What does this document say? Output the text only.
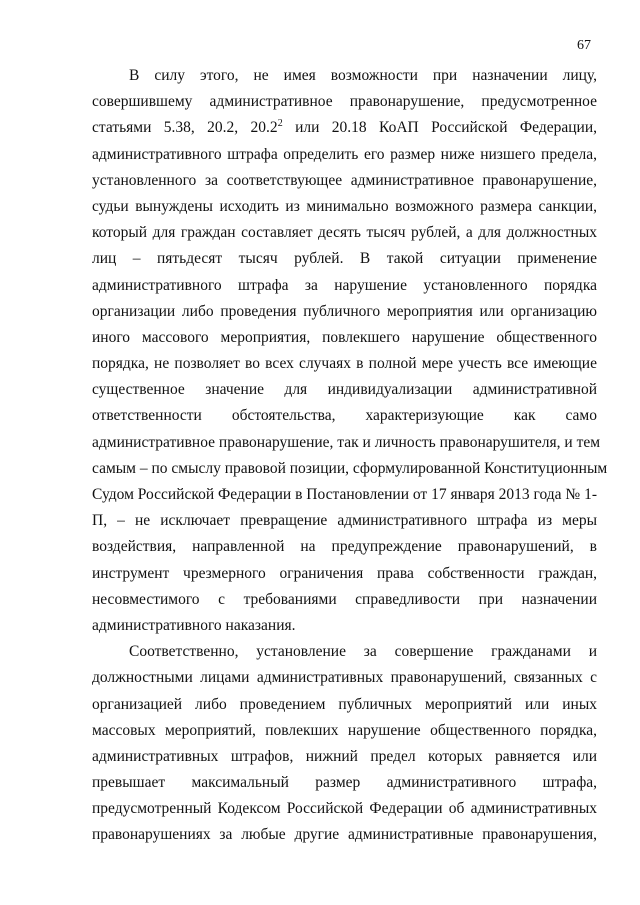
67
В силу этого, не имея возможности при назначении лицу,
совершившему административное правонарушение, предусмотренное
статьями 5.38, 20.2, 20.2$^2$ или 20.18 КоАП Российской Федерации,
административного штрафа определить его размер ниже низшего предела,
установленного за соответствующее административное правонарушение,
судьи вынуждены исходить из минимально возможного размера санкции,
который для граждан составляет десять тысяч рублей, а для должностных
лиц – пятьдесят тысяч рублей. В такой ситуации применение
административного штрафа за нарушение установленного порядка
организации либо проведения публичного мероприятия или организацию
иного массового мероприятия, повлекшего нарушение общественного
порядка, не позволяет во всех случаях в полной мере учесть все имеющие
существенное значение для индивидуализации административной
ответственности обстоятельства, характеризующие как само
административное правонарушение, так и личность правонарушителя, и тем
самым – по смыслу правовой позиции, сформулированной Конституционным
Судом Российской Федерации в Постановлении от 17 января 2013 года № 1-
П, – не исключает превращение административного штрафа из меры
воздействия, направленной на предупреждение правонарушений, в
инструмент чрезмерного ограничения права собственности граждан,
несовместимого с требованиями справедливости при назначении
административного наказания.
Соответственно, установление за совершение гражданами и
должностными лицами административных правонарушений, связанных с
организацией либо проведением публичных мероприятий или иных
массовых мероприятий, повлекших нарушение общественного порядка,
административных штрафов, нижний предел которых равняется или
превышает максимальный размер административного штрафа,
предусмотренный Кодексом Российской Федерации об административных
правонарушениях за любые другие административные правонарушения,
